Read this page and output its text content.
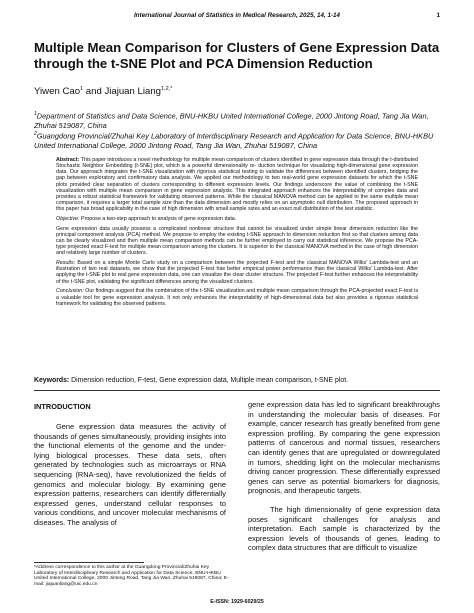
International Journal of Statistics in Medical Research, 2025, 14, 1-14	1
Multiple Mean Comparison for Clusters of Gene Expression Data through the t-SNE Plot and PCA Dimension Reduction
Yiwen Cao$^1$ and Jiajuan Liang$^{1,2,*}$
$^1$Department of Statistics and Data Science, BNU-HKBU United International College, 2000 Jintong Road, Tang Jia Wan, Zhuhai 519087, China
$^2$Guangdong Provincial/Zhuhai Key Laboratory of Interdisciplinary Research and Application for Data Science, BNU-HKBU United International College, 2000 Jintong Road, Tang Jia Wan, Zhuhai 519087, China

Abstract: This paper introduces a novel methodology for multiple mean comparison of clusters identified in gene expression data through the t-distributed Stochastic Neighbor Embedding (t-SNE) plot, which is a powerful dimensionality re- duction technique for visualizing high-dimensional gene expression data. Our approach integrates the t-SNE visualization with rigorous statistical testing to validate the differences between identified clusters, bridging the gap between exploratory and confirmatory data analysis. We applied our methodology to two real-world gene expression datasets for which the t-SNE plots provided clear separation of clusters corresponding to different expression levels. Our findings underscore the value of combining the t-SNE visualization with multiple mean comparison in gene expression analysis. This integrated approach enhances the interpretability of complex data and provides a robust statistical framework for validating observed patterns. While the classical MANOVA method can be applied to the same multiple mean comparison, it requires a larger total sample size than the data dimension and mostly relies on an asymptotic null distribution. The proposed approach in this paper has broad applicability in the case of high dimension with small sample sizes and an exact null distribution of the test statistic.

Objective: Propose a two-step approach to analysis of gene expression data.

Gene expression data usually possess a complicated nonlinear structure that cannot be visualized under simple linear dimension reduction like the principal component analysis (PCA) method. We propose to employ the existing t-SNE approach to dimension reduction first so that clusters among data can be clearly visualized and then multiple mean comparison methods can be further employed to carry out statistical inference. We propose the PCA-type projected exact F-test for multiple mean comparison among the clusters. It is superior to the classical MANOVA method in the case of high dimension and relatively large number of clusters.

Results: Based on a simple Monte Carlo study on a comparison between the projected F-test and the classical MANOVA Wilks' Lambda-test and an illustration of two real datasets, we show that the projected F-test has better empirical power performance than the classical Wilks' Lambda-test. After applying the t-SNE plot to real gene expression data, one can visualize the clear cluster structure. The projected F-test further enhances the interpretability of the t-SNE plot, validating the significant differences among the visualized clusters.

Conclusion: Our findings suggest that the combination of the t-SNE visualization and multiple mean comparison through the PCA-projected exact F-test is a valuable tool for gene expression analysis. It not only enhances the interpretability of high-dimensional data but also provides a rigorous statistical framework for validating the observed patterns.

Keywords: Dimension reduction, F-test, Gene expression data, Multiple mean comparison, t-SNE plot.
INTRODUCTION

Gene expression data measures the activity of thousands of genes simultaneously, providing insights into the functional elements of the genome and the under- lying biological processes. These data sets, often generated by technologies such as microarrays or RNA sequencing (RNA-seq), have revolutionized the fields of genomics and molecular biology. By examining gene expression patterns, researchers can identify differentially expressed genes, understand cellular responses to various conditions, and uncover molecular mechanisms of diseases. The analysis of

gene expression data has led to significant breakthroughs in understanding the molecular basis of diseases. For example, cancer research has greatly benefited from gene expression profiling. By comparing the gene expression patterns of cancerous and normal tissues, researchers can identify genes that are upregulated or downregulated in tumors, shedding light on the molecular mechanisms driving cancer progression. These differentially expressed genes can serve as potential biomarkers for diagnosis, prognosis, and therapeutic targets.

The high dimensionality of gene expression data poses significant challenges for analysis and interpretation. Each sample is characterized by the expression levels of thousands of genes, leading to complex data structures that are difficult to visualize

*Address correspondence to this author at the Guangdong Provincial/Zhuhai Key Laboratory of Interdisciplinary Research and Application for Data Science, BNU-HKBU United International College, 2000 Jintong Road, Tang Jia Wan, Zhuhai 519087, China; E-mail: jiajuanliang@uic.edu.cn
E-ISSN: 1929-6029/25
